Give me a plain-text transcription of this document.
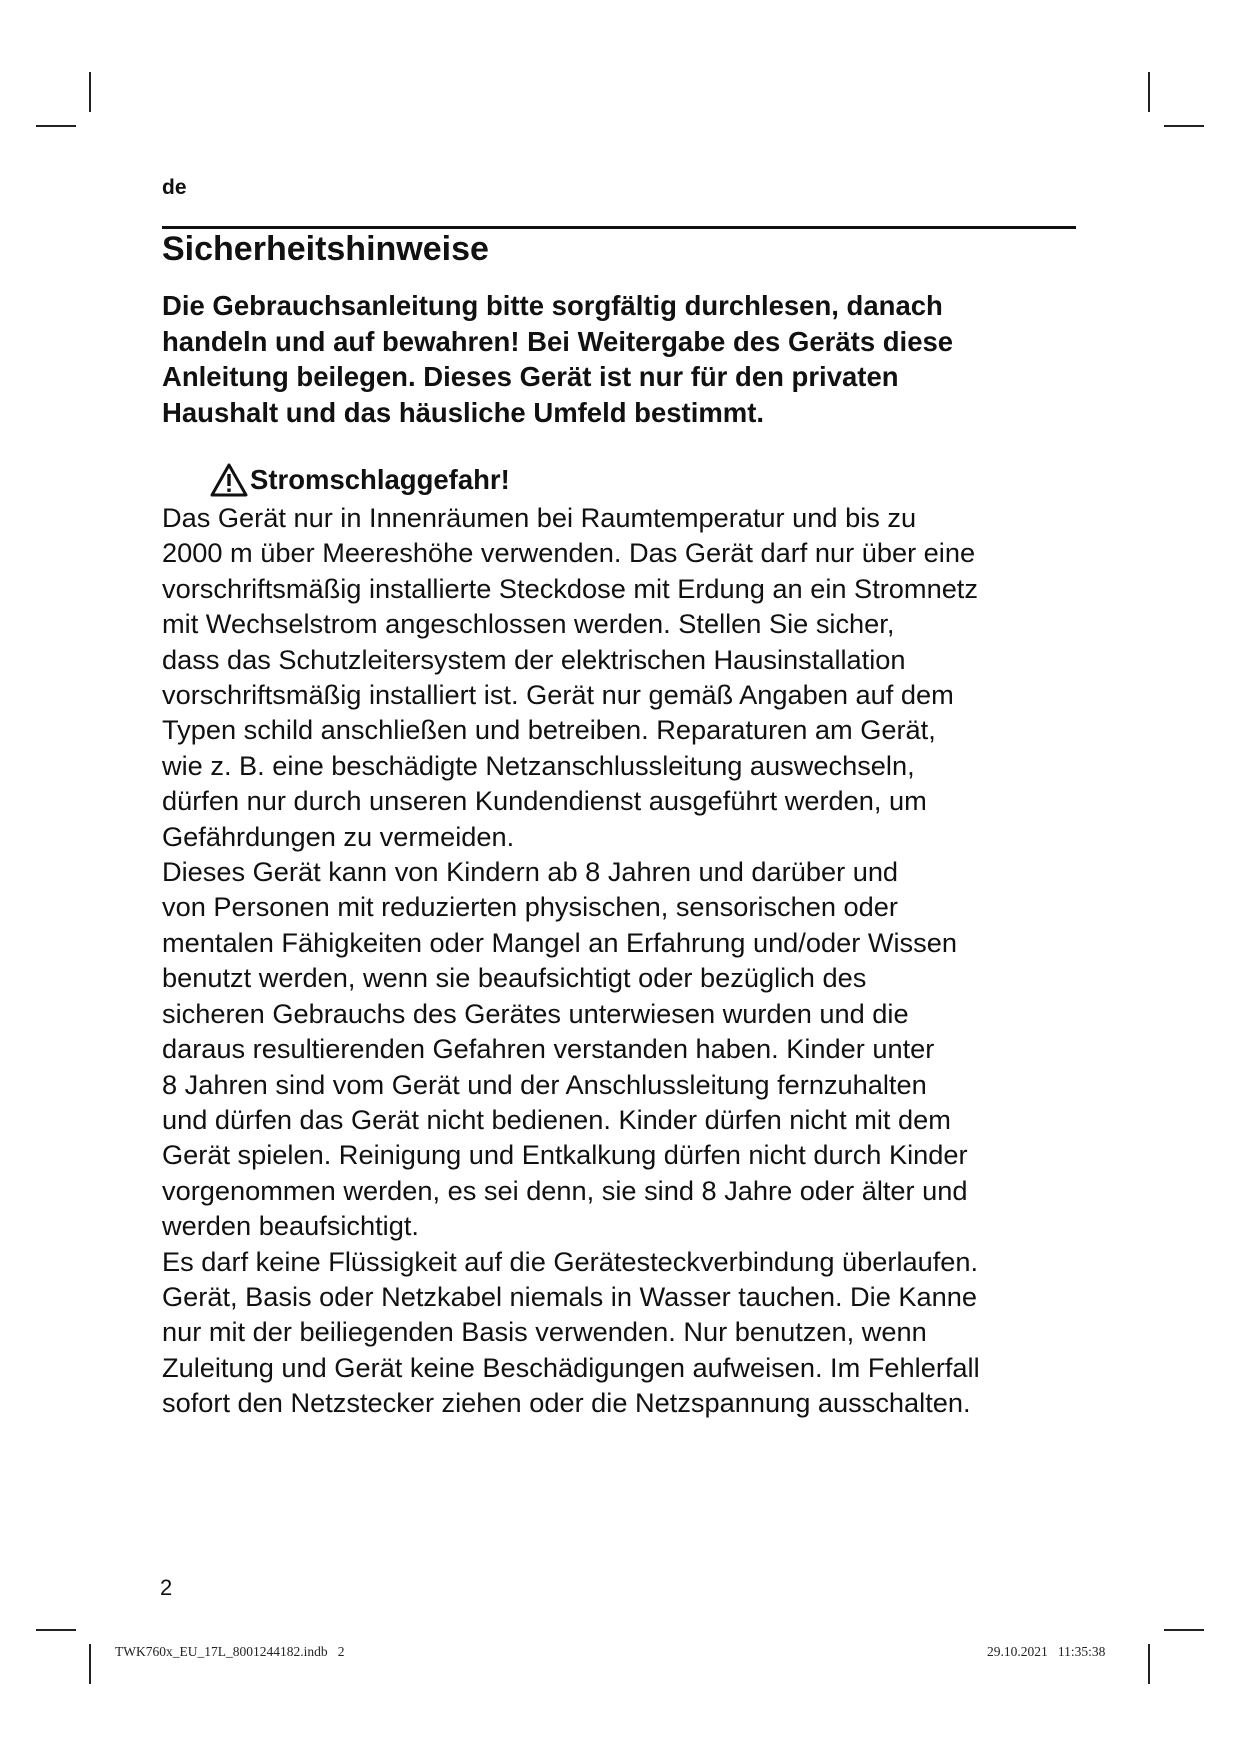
de
Sicherheitshinweise
Die Gebrauchsanleitung bitte sorgfältig durchlesen, danach
handeln und auf bewahren! Bei Weitergabe des Geräts diese
Anleitung beilegen. Dieses Gerät ist nur für den privaten
Haushalt und das häusliche Umfeld bestimmt.
Stromschlaggefahr!
Das Gerät nur in Innenräumen bei Raumtemperatur und bis zu
2000 m über Meereshöhe verwenden. Das Gerät darf nur über eine
vorschriftsmäßig installierte Steckdose mit Erdung an ein Stromnetz
mit Wechselstrom angeschlossen werden. Stellen Sie sicher,
dass das Schutzleitersystem der elektrischen Hausinstallation
vorschriftsmäßig installiert ist. Gerät nur gemäß Angaben auf dem
Typen schild anschließen und betreiben. Reparaturen am Gerät,
wie z. B. eine beschädigte Netzanschlussleitung auswechseln,
dürfen nur durch unseren Kundendienst ausgeführt werden, um
Gefährdungen zu vermeiden.
Dieses Gerät kann von Kindern ab 8 Jahren und darüber und
von Personen mit reduzierten physischen, sensorischen oder
mentalen Fähigkeiten oder Mangel an Erfahrung und/oder Wissen
benutzt werden, wenn sie beaufsichtigt oder bezüglich des
sicheren Gebrauchs des Gerätes unterwiesen wurden und die
daraus resultierenden Gefahren verstanden haben. Kinder unter
8 Jahren sind vom Gerät und der Anschlussleitung fernzuhalten
und dürfen das Gerät nicht bedienen. Kinder dürfen nicht mit dem
Gerät spielen. Reinigung und Entkalkung dürfen nicht durch Kinder
vorgenommen werden, es sei denn, sie sind 8 Jahre oder älter und
werden beaufsichtigt.
Es darf keine Flüssigkeit auf die Gerätesteckverbindung überlaufen.
Gerät, Basis oder Netzkabel niemals in Wasser tauchen. Die Kanne
nur mit der beiliegenden Basis verwenden. Nur benutzen, wenn
Zuleitung und Gerät keine Beschädigungen aufweisen. Im Fehlerfall
sofort den Netzstecker ziehen oder die Netzspannung ausschalten.
2
TWK760x_EU_17L_8001244182.indb   2	29.10.2021   11:35:38
